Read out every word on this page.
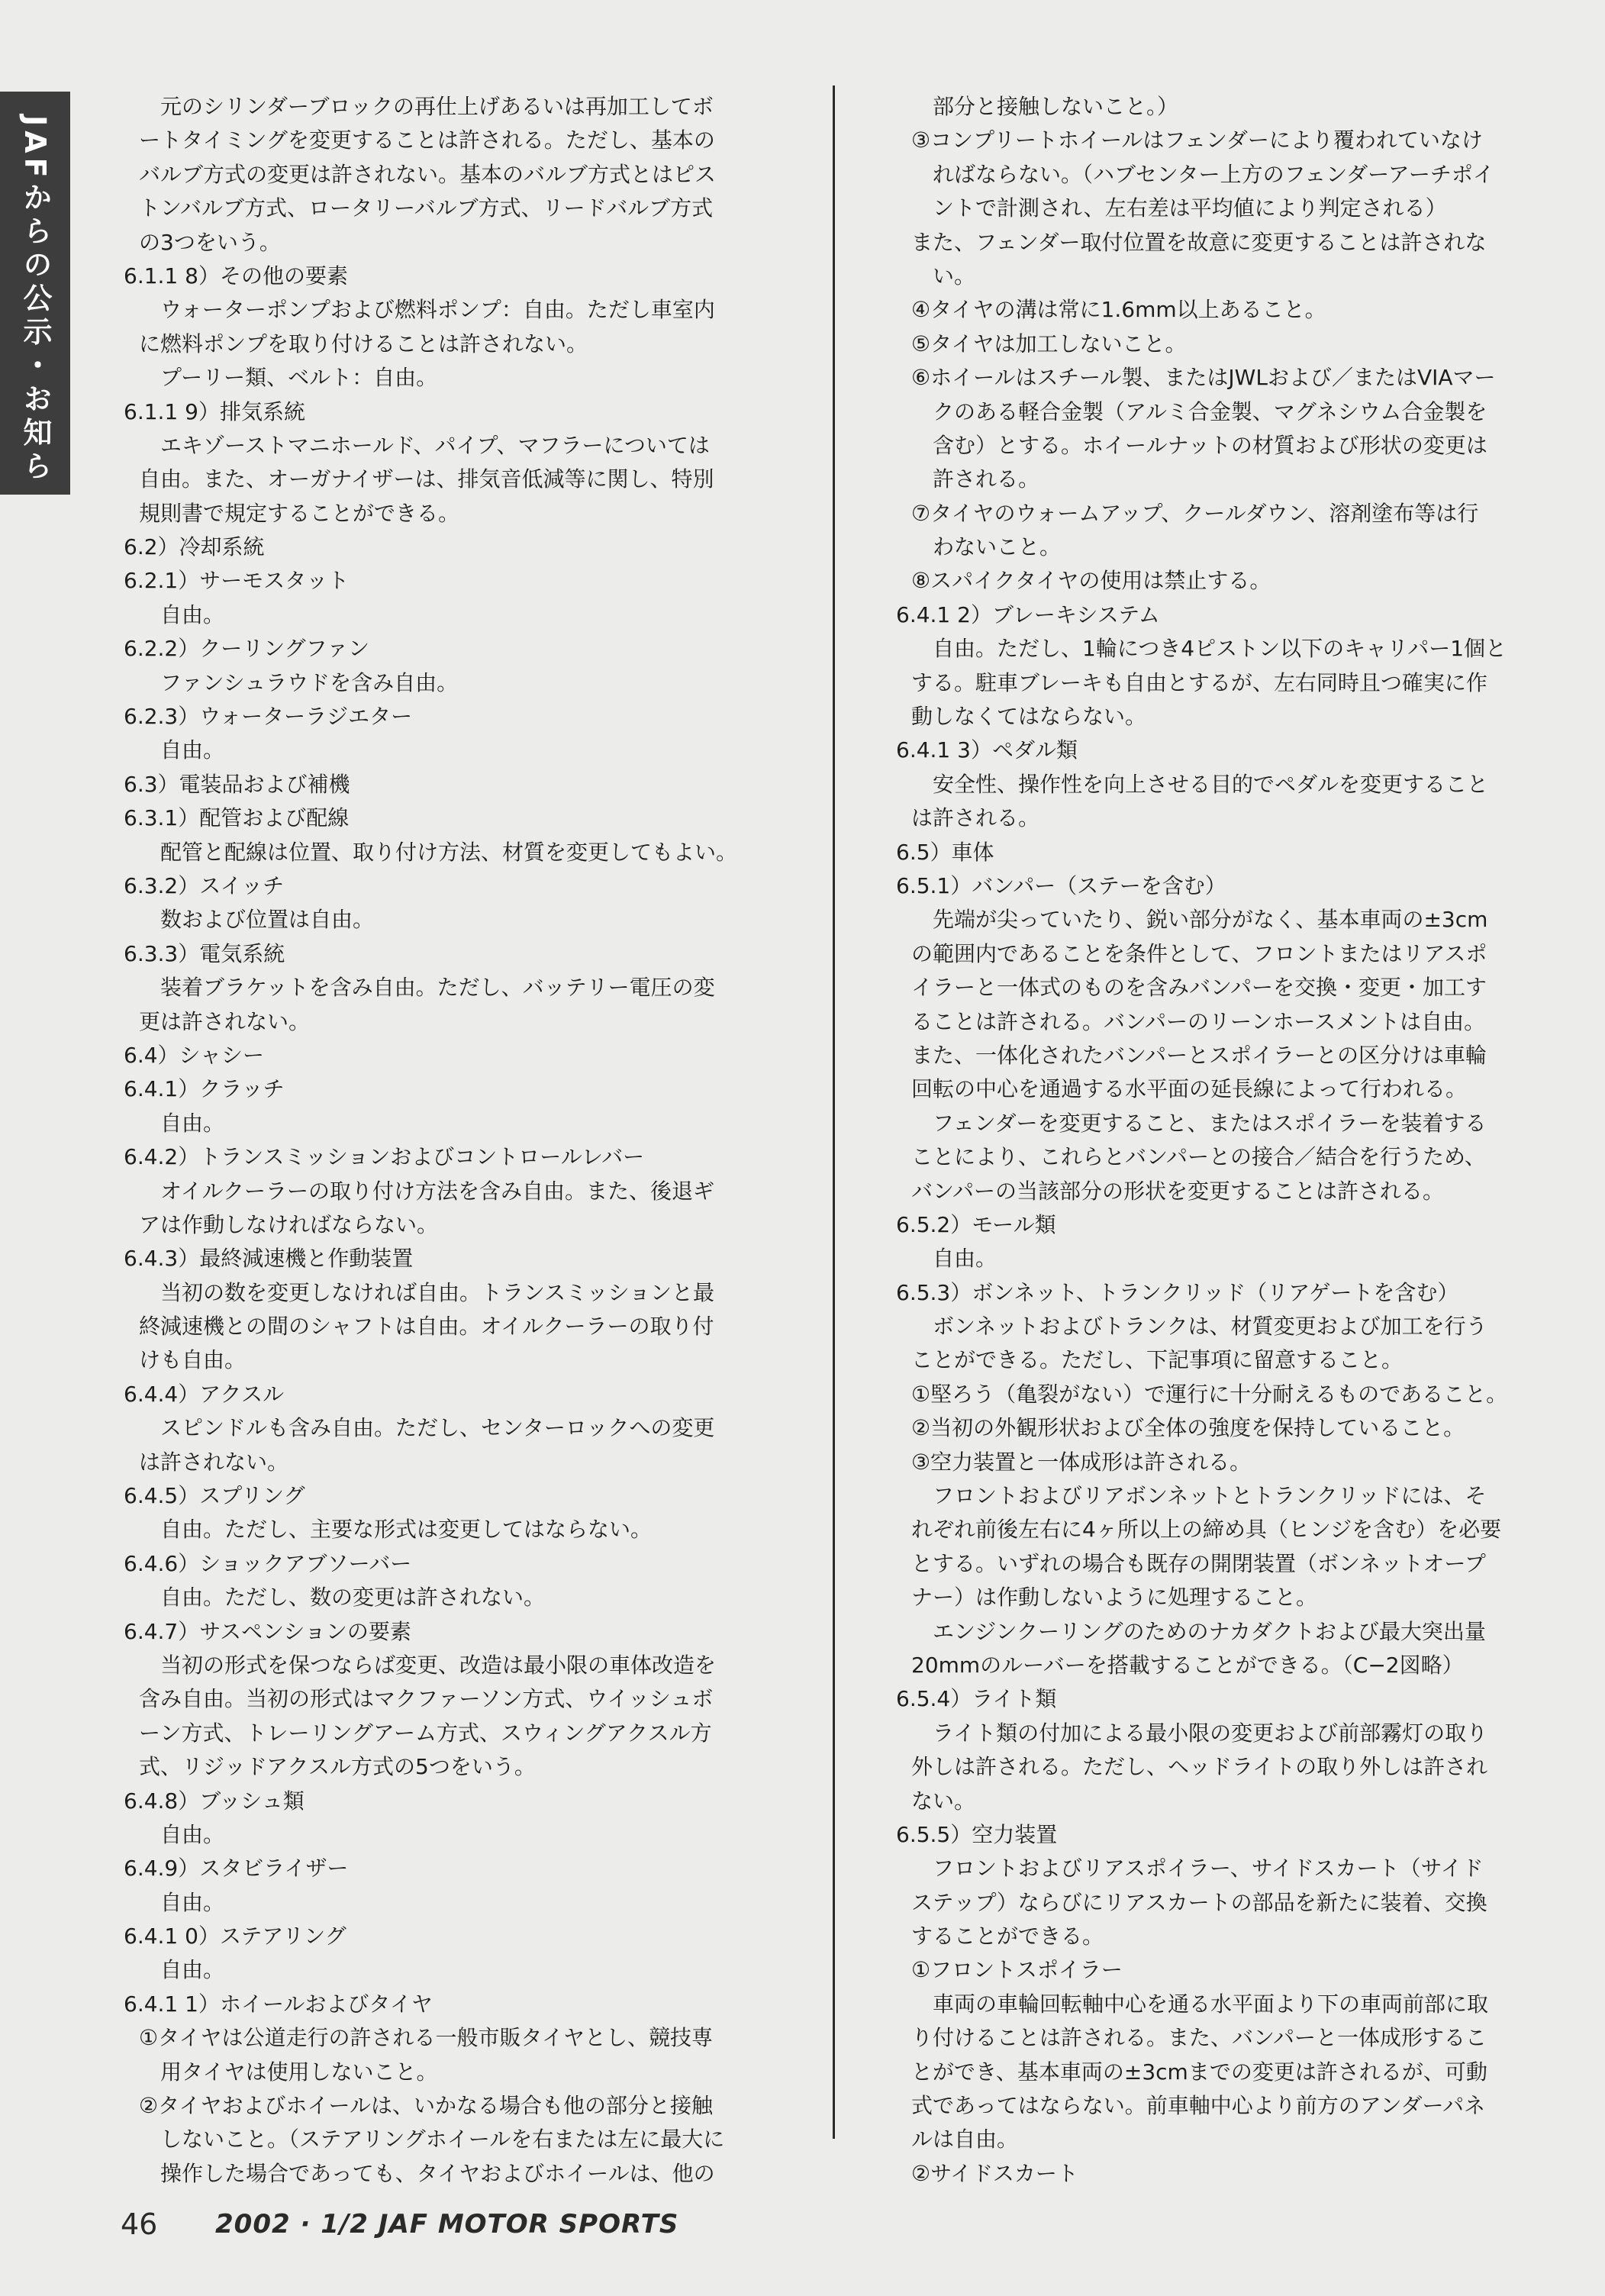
JAFからの公示・お知ら
元のシリンダーブロックの再仕上げあるいは再加工してボ
ートタイミングを変更することは許される。ただし、基本の
バルブ方式の変更は許されない。基本のバルブ方式とはピス
トンバルブ方式、ロータリーバルブ方式、リードバルブ方式
の3つをいう。
6.1.1 8）その他の要素
ウォーターポンプおよび燃料ポンプ：自由。ただし車室内
に燃料ポンプを取り付けることは許されない。
プーリー類、ベルト：自由。
6.1.1 9）排気系統
エキゾーストマニホールド、パイプ、マフラーについては
自由。また、オーガナイザーは、排気音低減等に関し、特別
規則書で規定することができる。
6.2）冷却系統
6.2.1）サーモスタット
自由。
6.2.2）クーリングファン
ファンシュラウドを含み自由。
6.2.3）ウォーターラジエター
自由。
6.3）電装品および補機
6.3.1）配管および配線
配管と配線は位置、取り付け方法、材質を変更してもよい。
6.3.2）スイッチ
数および位置は自由。
6.3.3）電気系統
装着ブラケットを含み自由。ただし、バッテリー電圧の変
更は許されない。
6.4）シャシー
6.4.1）クラッチ
自由。
6.4.2）トランスミッションおよびコントロールレバー
オイルクーラーの取り付け方法を含み自由。また、後退ギ
アは作動しなければならない。
6.4.3）最終減速機と作動装置
当初の数を変更しなければ自由。トランスミッションと最
終減速機との間のシャフトは自由。オイルクーラーの取り付
けも自由。
6.4.4）アクスル
スピンドルも含み自由。ただし、センターロックへの変更
は許されない。
6.4.5）スプリング
自由。ただし、主要な形式は変更してはならない。
6.4.6）ショックアブソーバー
自由。ただし、数の変更は許されない。
6.4.7）サスペンションの要素
当初の形式を保つならば変更、改造は最小限の車体改造を
含み自由。当初の形式はマクファーソン方式、ウイッシュボ
ーン方式、トレーリングアーム方式、スウィングアクスル方
式、リジッドアクスル方式の5つをいう。
6.4.8）ブッシュ類
自由。
6.4.9）スタビライザー
自由。
6.4.1 0）ステアリング
自由。
6.4.1 1）ホイールおよびタイヤ
①タイヤは公道走行の許される一般市販タイヤとし、競技専
用タイヤは使用しないこと。
②タイヤおよびホイールは、いかなる場合も他の部分と接触
しないこと。（ステアリングホイールを右または左に最大に
操作した場合であっても、タイヤおよびホイールは、他の
部分と接触しないこと。）
③コンプリートホイールはフェンダーにより覆われていなけ
ればならない。（ハブセンター上方のフェンダーアーチポイ
ントで計測され、左右差は平均値により判定される）
また、フェンダー取付位置を故意に変更することは許されな
い。
④タイヤの溝は常に1.6mm以上あること。
⑤タイヤは加工しないこと。
⑥ホイールはスチール製、またはJWLおよび／またはVIAマー
クのある軽合金製（アルミ合金製、マグネシウム合金製を
含む）とする。ホイールナットの材質および形状の変更は
許される。
⑦タイヤのウォームアップ、クールダウン、溶剤塗布等は行
わないこと。
⑧スパイクタイヤの使用は禁止する。
6.4.1 2）ブレーキシステム
自由。ただし、1輪につき4ピストン以下のキャリパー1個と
する。駐車ブレーキも自由とするが、左右同時且つ確実に作
動しなくてはならない。
6.4.1 3）ペダル類
安全性、操作性を向上させる目的でペダルを変更すること
は許される。
6.5）車体
6.5.1）バンパー（ステーを含む）
先端が尖っていたり、鋭い部分がなく、基本車両の±3cm
の範囲内であることを条件として、フロントまたはリアスポ
イラーと一体式のものを含みバンパーを交換・変更・加工す
ることは許される。バンパーのリーンホースメントは自由。
また、一体化されたバンパーとスポイラーとの区分けは車輪
回転の中心を通過する水平面の延長線によって行われる。
フェンダーを変更すること、またはスポイラーを装着する
ことにより、これらとバンパーとの接合／結合を行うため、
バンパーの当該部分の形状を変更することは許される。
6.5.2）モール類
自由。
6.5.3）ボンネット、トランクリッド（リアゲートを含む）
ボンネットおよびトランクは、材質変更および加工を行う
ことができる。ただし、下記事項に留意すること。
①堅ろう（亀裂がない）で運行に十分耐えるものであること。
②当初の外観形状および全体の強度を保持していること。
③空力装置と一体成形は許される。
フロントおよびリアボンネットとトランクリッドには、そ
れぞれ前後左右に4ヶ所以上の締め具（ヒンジを含む）を必要
とする。いずれの場合も既存の開閉装置（ボンネットオープ
ナー）は作動しないように処理すること。
エンジンクーリングのためのナカダクトおよび最大突出量
20mmのルーバーを搭載することができる。（C−2図略）
6.5.4）ライト類
ライト類の付加による最小限の変更および前部霧灯の取り
外しは許される。ただし、ヘッドライトの取り外しは許され
ない。
6.5.5）空力装置
フロントおよびリアスポイラー、サイドスカート（サイド
ステップ）ならびにリアスカートの部品を新たに装着、交換
することができる。
①フロントスポイラー
車両の車輪回転軸中心を通る水平面より下の車両前部に取
り付けることは許される。また、バンパーと一体成形するこ
とができ、基本車両の±3cmまでの変更は許されるが、可動
式であってはならない。前車軸中心より前方のアンダーパネ
ルは自由。
②サイドスカート
46 2002 · 1/2 JAF MOTOR SPORTS
